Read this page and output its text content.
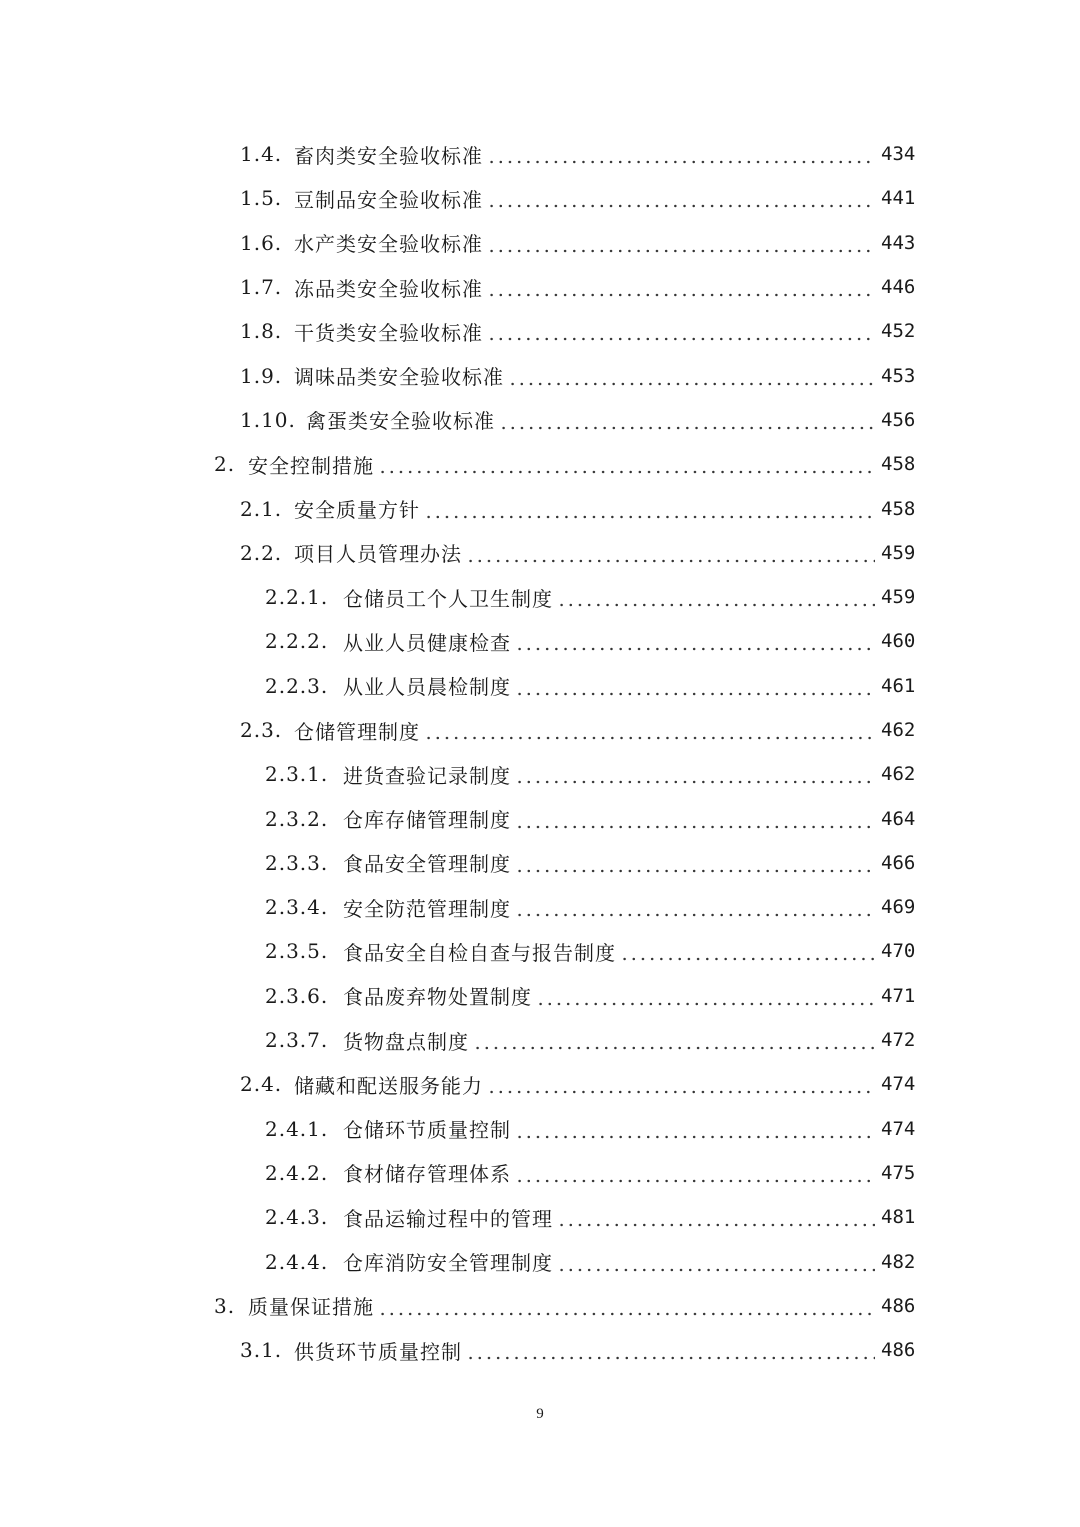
1.4. 畜肉类安全验收标准	434
1.5. 豆制品安全验收标准	441
1.6. 水产类安全验收标准	443
1.7. 冻品类安全验收标准	446
1.8. 干货类安全验收标准	452
1.9. 调味品类安全验收标准	453
1.10. 禽蛋类安全验收标准	456
2. 安全控制措施	458
2.1. 安全质量方针	458
2.2. 项目人员管理办法	459
2.2.1. 仓储员工个人卫生制度	459
2.2.2. 从业人员健康检查	460
2.2.3. 从业人员晨检制度	461
2.3. 仓储管理制度	462
2.3.1. 进货查验记录制度	462
2.3.2. 仓库存储管理制度	464
2.3.3. 食品安全管理制度	466
2.3.4. 安全防范管理制度	469
2.3.5. 食品安全自检自查与报告制度	470
2.3.6. 食品废弃物处置制度	471
2.3.7. 货物盘点制度	472
2.4. 储藏和配送服务能力	474
2.4.1. 仓储环节质量控制	474
2.4.2. 食材储存管理体系	475
2.4.3. 食品运输过程中的管理	481
2.4.4. 仓库消防安全管理制度	482
3. 质量保证措施	486
3.1. 供货环节质量控制	486
9
